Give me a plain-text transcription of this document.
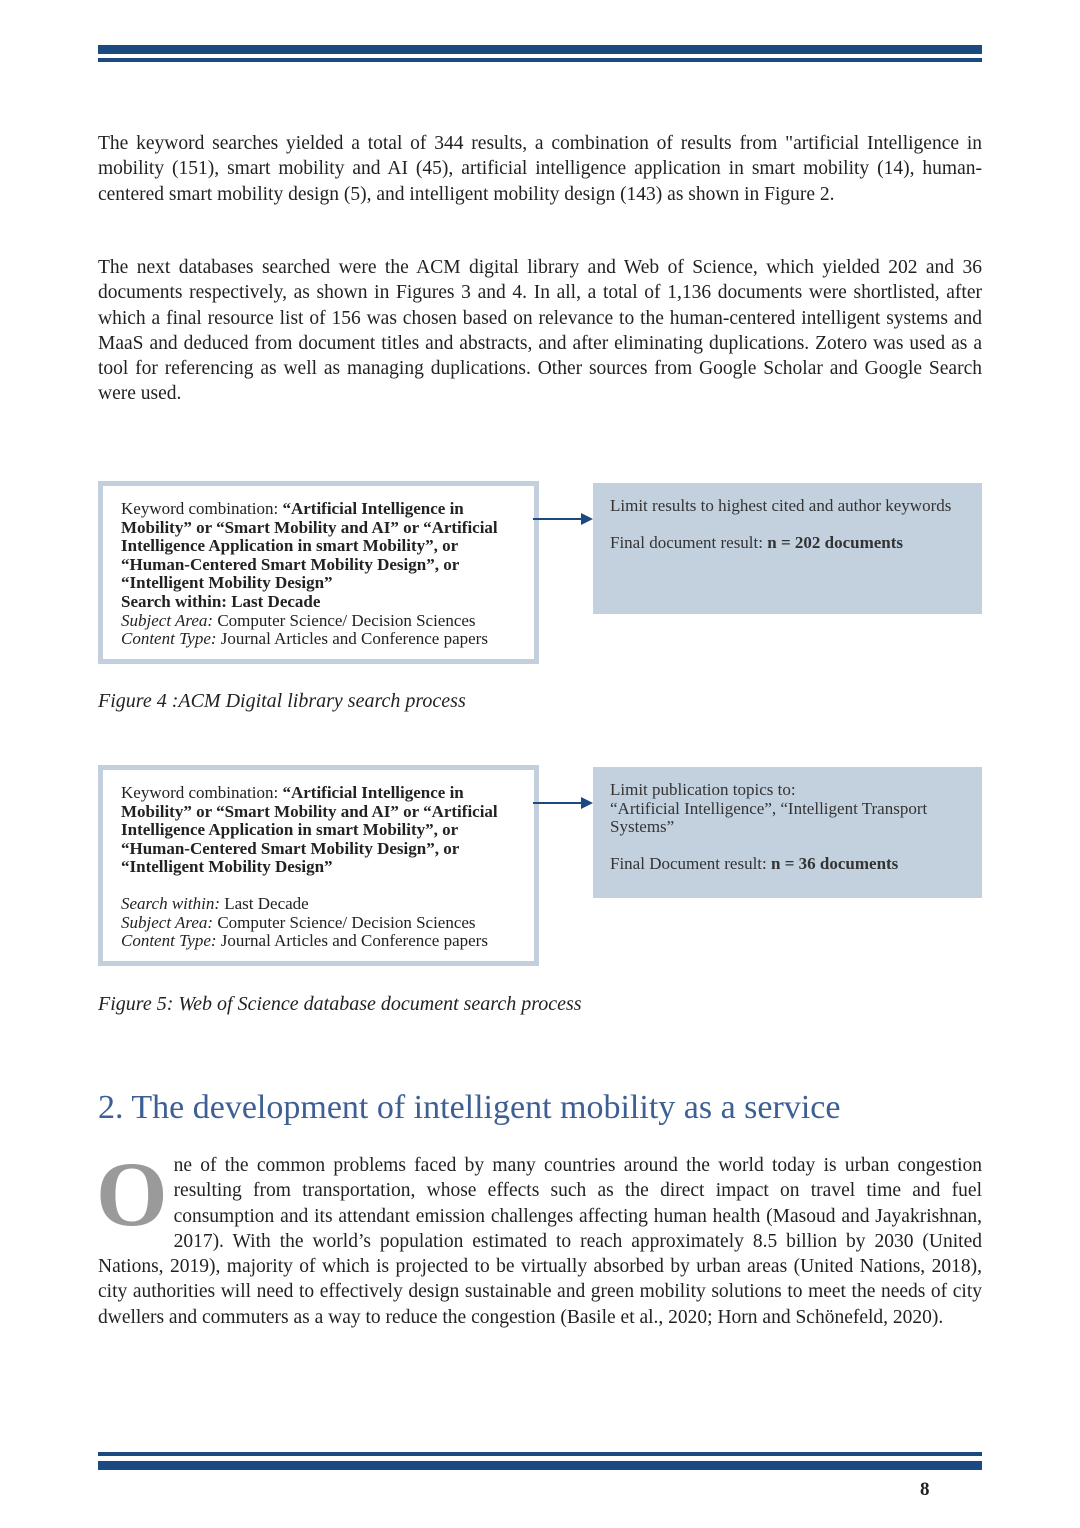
The keyword searches yielded a total of 344 results, a combination of results from "artificial Intelligence in mobility (151), smart mobility and AI (45), artificial intelligence application in smart mobility (14), human-centered smart mobility design (5), and intelligent mobility design (143) as shown in Figure 2.

The next databases searched were the ACM digital library and Web of Science, which yielded 202 and 36 documents respectively, as shown in Figures 3 and 4. In all, a total of 1,136 documents were shortlisted, after which a final resource list of 156 was chosen based on relevance to the human-centered intelligent systems and MaaS and deduced from document titles and abstracts, and after eliminating duplications. Zotero was used as a tool for referencing as well as managing duplications. Other sources from Google Scholar and Google Search were used.

Keyword combination: “Artificial Intelligence in Mobility” or “Smart Mobility and AI” or “Artificial Intelligence Application in smart Mobility”, or “Human-Centered Smart Mobility Design”, or “Intelligent Mobility Design”
Search within: Last Decade
Subject Area: Computer Science/ Decision Sciences
Content Type: Journal Articles and Conference papers
Limit results to highest cited and author keywords
Final document result: n = 202 documents
Figure 4 :ACM Digital library search process
Keyword combination: “Artificial Intelligence in Mobility” or “Smart Mobility and AI” or “Artificial Intelligence Application in smart Mobility”, or “Human-Centered Smart Mobility Design”, or “Intelligent Mobility Design”

Search within: Last Decade
Subject Area: Computer Science/ Decision Sciences
Content Type: Journal Articles and Conference papers
Limit publication topics to:
“Artificial Intelligence”, “Intelligent Transport Systems”
Final Document result: n = 36 documents
Figure 5: Web of Science database document search process
2. The development of intelligent mobility as a service
One of the common problems faced by many countries around the world today is urban congestion resulting from transportation, whose effects such as the direct impact on travel time and fuel consumption and its attendant emission challenges affecting human health (Masoud and Jayakrishnan, 2017). With the world’s population estimated to reach approximately 8.5 billion by 2030 (United Nations, 2019), majority of which is projected to be virtually absorbed by urban areas (United Nations, 2018), city authorities will need to effectively design sustainable and green mobility solutions to meet the needs of city dwellers and commuters as a way to reduce the congestion (Basile et al., 2020; Horn and Schönefeld, 2020).
8
